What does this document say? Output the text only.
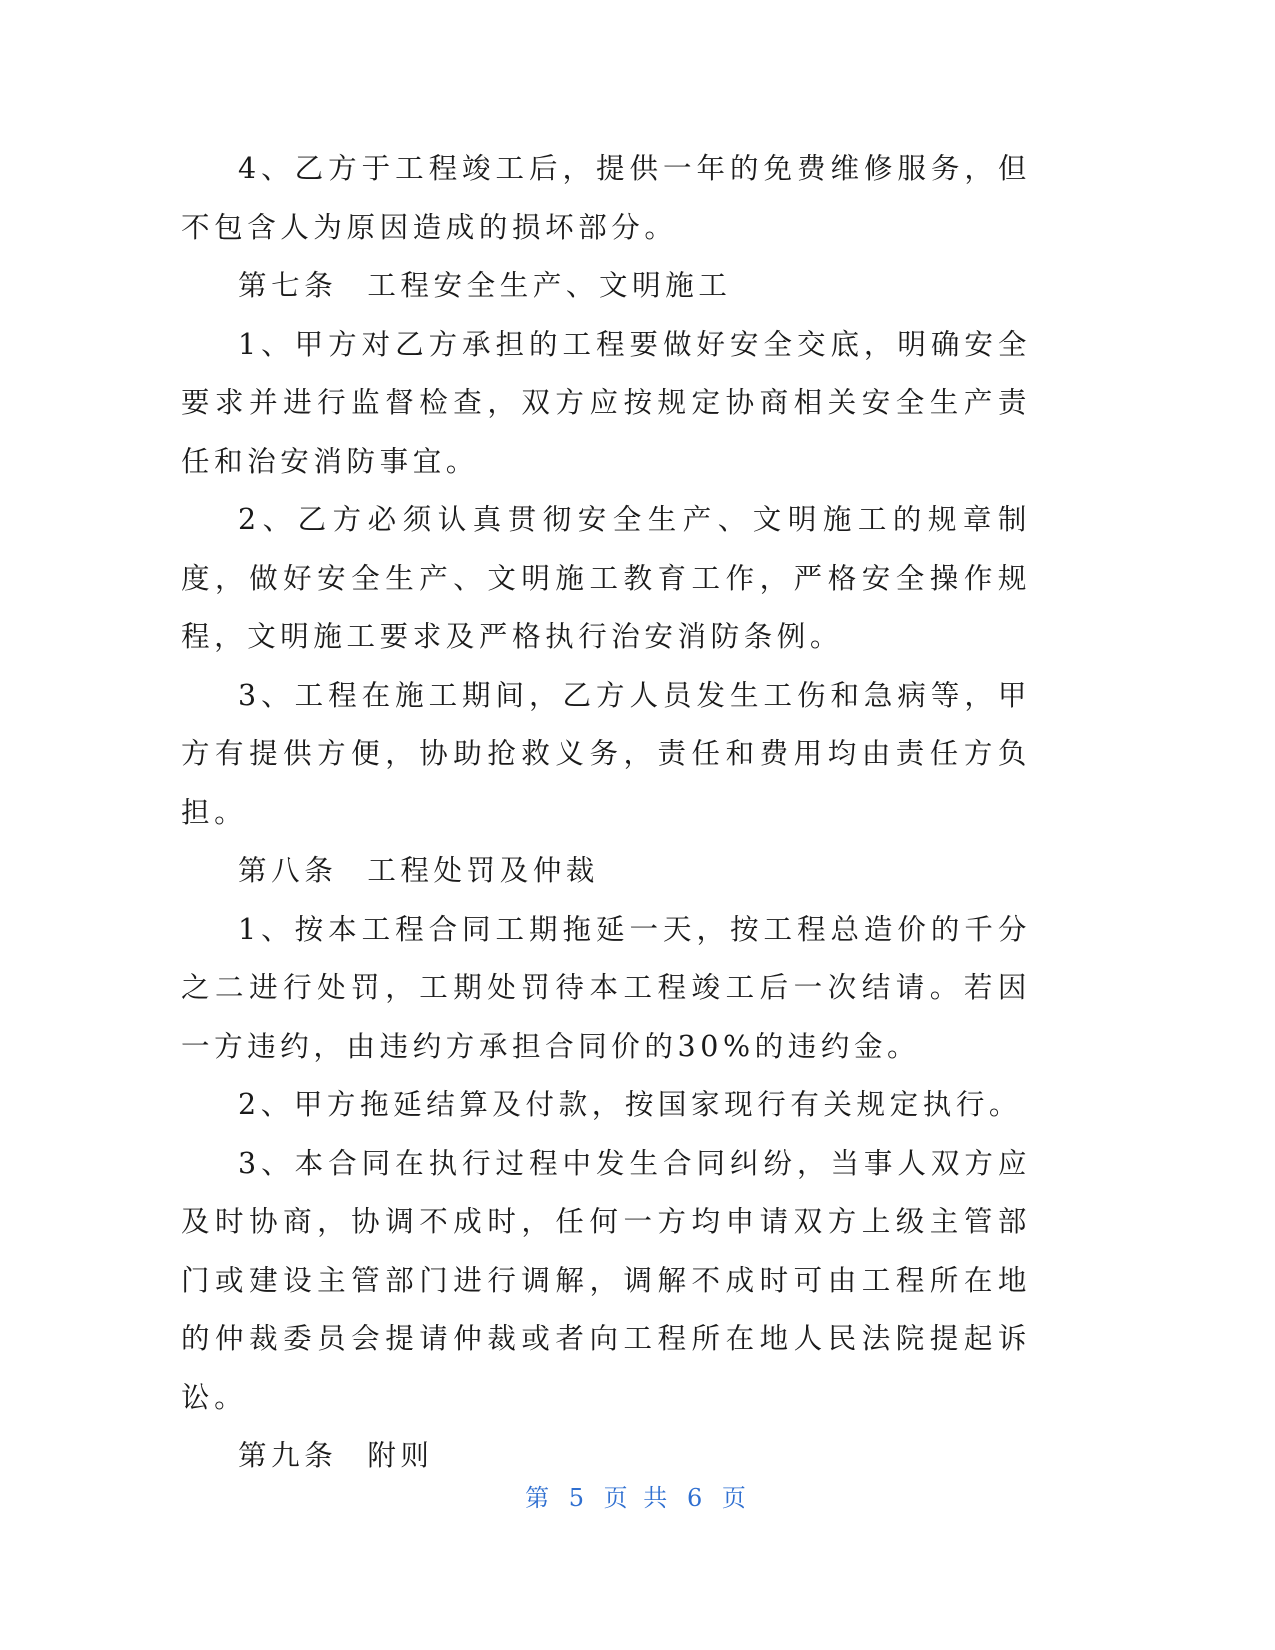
4、乙方于工程竣工后，提供一年的免费维修服务，但不包含人为原因造成的损坏部分。

第七条 工程安全生产、文明施工

1、甲方对乙方承担的工程要做好安全交底，明确安全要求并进行监督检查，双方应按规定协商相关安全生产责任和治安消防事宜。

2、乙方必须认真贯彻安全生产、文明施工的规章制度，做好安全生产、文明施工教育工作，严格安全操作规程，文明施工要求及严格执行治安消防条例。

3、工程在施工期间，乙方人员发生工伤和急病等，甲方有提供方便，协助抢救义务，责任和费用均由责任方负担。

第八条 工程处罚及仲裁

1、按本工程合同工期拖延一天，按工程总造价的千分之二进行处罚，工期处罚待本工程竣工后一次结请。若因一方违约，由违约方承担合同价的30%的违约金。

2、甲方拖延结算及付款，按国家现行有关规定执行。

3、本合同在执行过程中发生合同纠纷，当事人双方应及时协商，协调不成时，任何一方均申请双方上级主管部门或建设主管部门进行调解，调解不成时可由工程所在地的仲裁委员会提请仲裁或者向工程所在地人民法院提起诉讼。

第九条 附则

第 5 页 共 6 页
